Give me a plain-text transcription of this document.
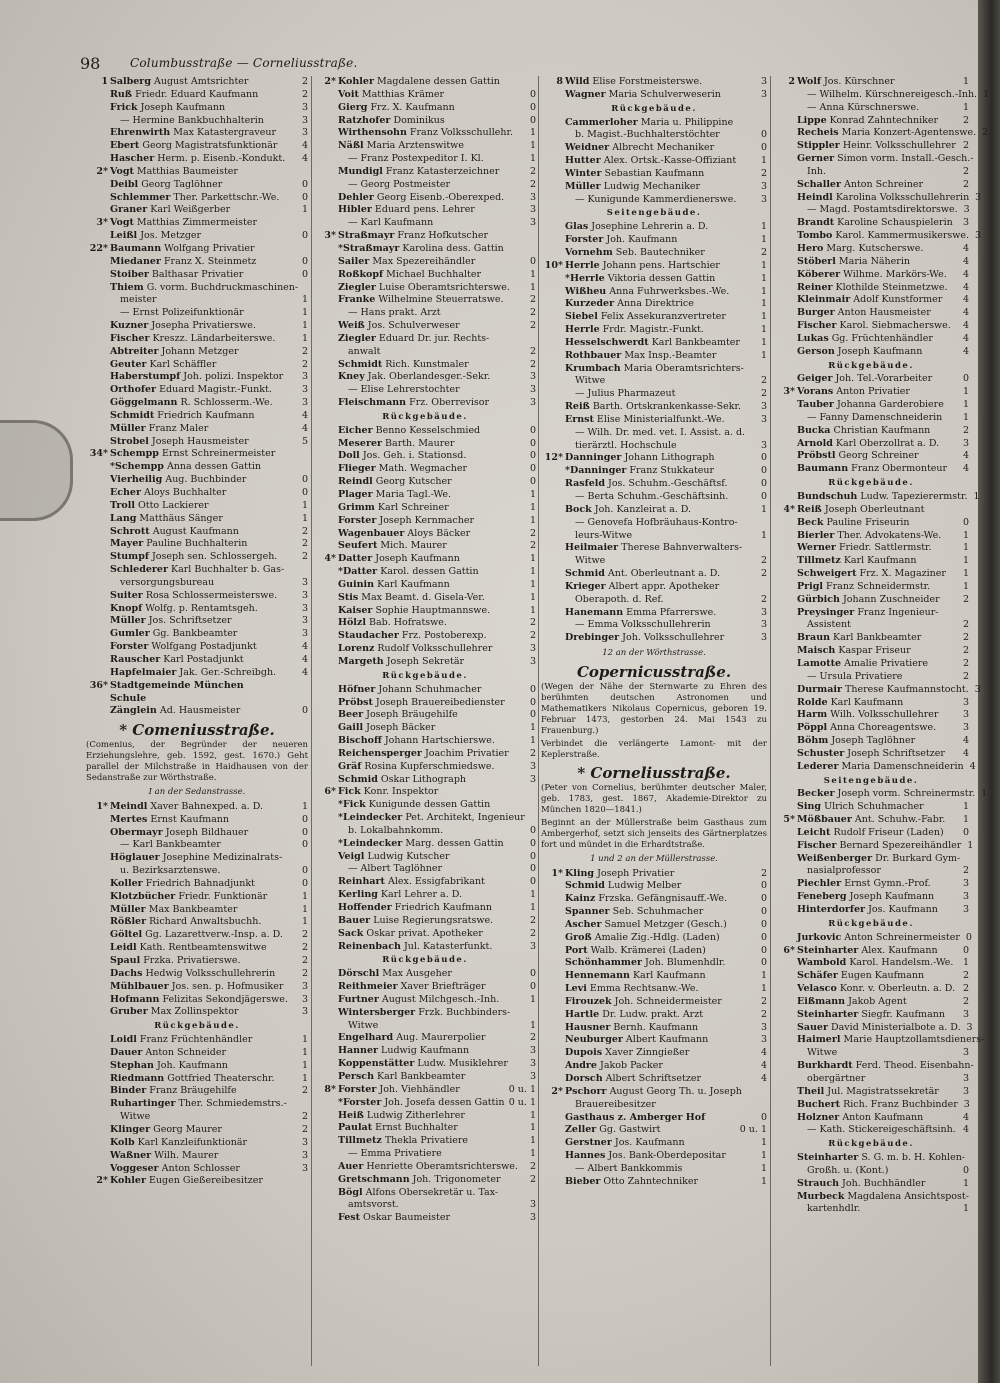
98 Columbusstraße — Corneliusstraße.
1 Salberg August Amtsrichter	2
Ruß Friedr. Eduard Kaufmann	2
Frick Joseph Kaufmann	3
— Hermine Bankbuchhalterin	3
Ehrenwirth Max Katastergraveur	3
Ebert Georg Magistratsfunktionär	4
Hascher Herm. p. Eisenb.-Kondukt.	4
2* Vogt Matthias Baumeister
Deibl Georg Taglöhner	0
Schlemmer Ther. Parkettschr.-We.	0
Graner Karl Weißgerber	1
3* Vogt Matthias Zimmermeister
Leißl Jos. Metzger	0
22* Baumann Wolfgang Privatier
Miedaner Franz X. Steinmetz	0
Stoiber Balthasar Privatier	0
Thiem G. vorm. Buchdruckmaschinen-
meister	1
— Ernst Polizeifunktionär	1
Kuzner Josepha Privatierswe.	1
Fischer Kreszz. Ländarbeiterswe.	1
Abtreiter Johann Metzger	2
Geuter Karl Schäffler	2
Haberstumpf Joh. polizi. Inspektor	3
Orthofer Eduard Magistr.-Funkt.	3
Göggelmann R. Schlosserm.-We.	3
Schmidt Friedrich Kaufmann	4
Müller Franz Maler	4
Strobel Joseph Hausmeister	5
34* Schempp Ernst Schreinermeister
*Schempp Anna dessen Gattin
Vierheilig Aug. Buchbinder	0
Echer Aloys Buchhalter	0
Troll Otto Lackierer	1
Lang Matthäus Sänger	1
Schrott August Kaufmann	2
Mayer Pauline Buchhalterin	2
Stumpf Joseph sen. Schlossergeh.	2
Schlederer Karl Buchhalter b. Gas-
versorgungsbureau	3
Suiter Rosa Schlossermeisterswe.	3
Knopf Wolfg. p. Rentamtsgeh.	3
Müller Jos. Schriftsetzer	3
Gumler Gg. Bankbeamter	3
Forster Wolfgang Postadjunkt	4
Rauscher Karl Postadjunkt	4
Hapfelmaier Jak. Ger.-Schreibgh.	4
36* Stadtgemeinde München
Schule
Zänglein Ad. Hausmeister	0
* Comeniusstraße.
(Comenius, der Begründer der neueren Erziehungslehre, geb. 1592, gest. 1670.) Geht parallel der Milchstraße in Haidhausen von der Sedanstraße zur Wörthstraße.
I an der Sedanstrasse.
1* Meindl Xaver Bahnexped. a. D.	1
Mertes Ernst Kaufmann	0
Obermayr Joseph Bildhauer	0
— Karl Bankbeamter	0
Höglauer Josephine Medizinalrats-
u. Bezirksarztenswe.	0
Koller Friedrich Bahnadjunkt	0
Klotzbücher Friedr. Funktionär	1
Müller Max Bankbeamter	1
Rößler Richard Anwaltsbuchh.	1
Göltel Gg. Lazarettverw.-Insp. a. D.	2
Leidl Kath. Rentbeamtenswitwe	2
Spaul Frzka. Privatierswe.	2
Dachs Hedwig Volksschullehrerin	2
Mühlbauer Jos. sen. p. Hofmusiker	3
Hofmann Felizitas Sekondjägerswe.	3
Gruber Max Zollinspektor	3
Rückgebäude.
Loidl Franz Früchtenhändler	1
Dauer Anton Schneider	1
Stephan Joh. Kaufmann	1
Riedmann Gottfried Theaterschr.	1
Binder Franz Bräugehilfe	2
Ruhartinger Ther. Schmiedemstrs.-
Witwe	2
Klinger Georg Maurer	2
Kolb Karl Kanzleifunktionär	3
Waßner Wilh. Maurer	3
Voggeser Anton Schlosser	3
2* Kohler Eugen Gießereibesitzer
2* Kohler Magdalene dessen Gattin
Voit Matthias Krämer	0
Gierg Frz. X. Kaufmann	0
Ratzhofer Dominikus	0
Wirthensohn Franz Volksschullehr.	1
Näßl Maria Arztenswitwe	1
— Franz Postexpeditor I. Kl.	1
Mundigl Franz Katasterzeichner	2
— Georg Postmeister	2
Dehler Georg Eisenb.-Oberexped.	3
Hibler Eduard pens. Lehrer	3
— Karl Kaufmann	3
3* Straßmayr Franz Hofkutscher
*Straßmayr Karolina dess. Gattin
Sailer Max Spezereihändler	0
Roßkopf Michael Buchhalter	1
Ziegler Luise Oberamtsrichterswe.	1
Franke Wilhelmine Steuerratswe.	2
— Hans prakt. Arzt	2
Weiß Jos. Schulverweser	2
Ziegler Eduard Dr. jur. Rechts-
anwalt	2
Schmidt Rich. Kunstmaler	2
Kney Jak. Oberlandesger.-Sekr.	3
— Elise Lehrerstochter	3
Fleischmann Frz. Oberrevisor	3
Rückgebäude.
Eicher Benno Kesselschmied	0
Meserer Barth. Maurer	0
Doll Jos. Geh. i. Stationsd.	0
Flieger Math. Wegmacher	0
Reindl Georg Kutscher	0
Plager Maria Tagl.-We.	1
Grimm Karl Schreiner	1
Forster Joseph Kernmacher	1
Wagenbauer Aloys Bäcker	2
Seufert Mich. Maurer	2
4* Datter Joseph Kaufmann	1
*Datter Karol. dessen Gattin	1
Guinin Karl Kaufmann	1
Stis Max Beamt. d. Gisela-Ver.	1
Kaiser Sophie Hauptmannswe.	1
Hölzl Bab. Hofratswe.	2
Staudacher Frz. Postoberexp.	2
Lorenz Rudolf Volksschullehrer	3
Margeth Joseph Sekretär	3
Rückgebäude.
Höfner Johann Schuhmacher	0
Pröbst Joseph Brauereibedienster	0
Beer Joseph Bräugehilfe	0
Gaill Joseph Bäcker	1
Bischoff Johann Hartschierswe.	1
Reichensperger Joachim Privatier	2
Gräf Rosina Kupferschmiedswe.	3
Schmid Oskar Lithograph	3
6* Fick Konr. Inspektor
*Fick Kunigunde dessen Gattin
*Leindecker Pet. Architekt, Ingenieur
b. Lokalbahnkomm.	0
*Leindecker Marg. dessen Gattin	0
Veigl Ludwig Kutscher	0
— Albert Taglöhner	0
Reinhart Alex. Essigfabrikant	0
Kerling Karl Lehrer a. D.	1
Hoffender Friedrich Kaufmann	1
Bauer Luise Regierungsratswe.	2
Sack Oskar privat. Apotheker	2
Reinenbach Jul. Katasterfunkt.	3
Rückgebäude.
Dörschl Max Ausgeher	0
Reithmeier Xaver Briefträger	0
Furtner August Milchgesch.-Inh.	1
Wintersberger Frzk. Buchbinders-
Witwe	1
Engelhard Aug. Maurerpolier	2
Hanner Ludwig Kaufmann	3
Koppenstätter Ludw. Musiklehrer	3
Persch Karl Bankbeamter	3
8* Forster Joh. Viehhändler	0 u. 1
*Forster Joh. Josefa dessen Gattin 0 u. 1
Heiß Ludwig Zitherlehrer	1
Paulat Ernst Buchhalter	1
Tillmetz Thekla Privatiere	1
— Emma Privatiere	1
Auer Henriette Oberamtsrichterswe.	2
Gretschmann Joh. Trigonometer	2
Bögl Alfons Obersekretär u. Tax-
amtsvorst.	3
Fest Oskar Baumeister	3
8 Wild Elise Forstmeisterswe.	3
Wagner Maria Schulverweserin	3
Rückgebäude.
Cammerloher Maria u. Philippine
b. Magist.-Buchhalterstöchter	0
Weidner Albrecht Mechaniker	0
Hutter Alex. Ortsk.-Kasse-Offiziant	1
Winter Sebastian Kaufmann	2
Müller Ludwig Mechaniker	3
— Kunigunde Kammerdienerswe.	3
Seitengebäude.
Glas Josephine Lehrerin a. D.	1
Forster Joh. Kaufmann	1
Vornehm Seb. Bautechniker	2
10* Herrle Johann pens. Hartschier	1
*Herrle Viktoria dessen Gattin	1
Wißheu Anna Fuhrwerksbes.-We.	1
Kurzeder Anna Direktrice	1
Siebel Felix Assekuranzvertreter	1
Herrle Frdr. Magistr.-Funkt.	1
Hesselschwerdt Karl Bankbeamter	1
Rothbauer Max Insp.-Beamter	1
Krumbach Maria Oberamtsrichters-
Witwe	2
— Julius Pharmazeut	2
Reiß Barth. Ortskrankenkasse-Sekr.	3
Ernst Elise Ministerialfunkt.-We.	3
— Wilh. Dr. med. vet. I. Assist. a. d.
tierärztl. Hochschule	3
12* Danninger Johann Lithograph	0
*Danninger Franz Stukkateur	0
Rasfeld Jos. Schuhm.-Geschäftsf.	0
— Berta Schuhm.-Geschäftsinh.	0
Bock Joh. Kanzleirat a. D.	1
— Genovefa Hofbräuhaus-Kontro-
leurs-Witwe	1
Heilmaier Therese Bahnverwalters-
Witwe	2
Schmid Ant. Oberleutnant a. D.	2
Krieger Albert appr. Apotheker
Oberapoth. d. Ref.	2
Hanemann Emma Pfarrerswe.	3
— Emma Volksschullehrerin	3
Drebinger Joh. Volksschullehrer	3
12 an der Wörthstrasse.
Copernicusstraße.
(Wegen der Nähe der Sternwarte zu Ehren des berühmten deutschen Astronomen und Mathematikers Nikolaus Copernicus, geboren 19. Februar 1473, gestorben 24. Mai 1543 zu Frauenburg.)
Verbindet die verlängerte Lamont- mit der Keplerstraße.
* Corneliusstraße.
(Peter von Cornelius, berühmter deutscher Maler, geb. 1783, gest. 1867, Akademie-Direktor zu München 1820—1841.)
Beginnt an der Müllerstraße beim Gasthaus zum Ambergerhof, setzt sich jenseits des Gärtnerplatzes fort und mündet in die Erhardtstraße.
1 und 2 an der Müllerstrasse.
1* Kling Joseph Privatier	2
Schmid Ludwig Melber	0
Kainz Frzska. Gefängnisauff.-We.	0
Spanner Seb. Schuhmacher	0
Ascher Samuel Metzger (Gesch.)	0
Groß Amalie Zig.-Hdlg. (Laden)	0
Port Walb. Krämerei (Laden)	0
Schönhammer Joh. Blumenhdlr.	0
Hennemann Karl Kaufmann	1
Levi Emma Rechtsanw.-We.	1
Firouzek Joh. Schneidermeister	2
Hartle Dr. Ludw. prakt. Arzt	2
Hausner Bernh. Kaufmann	3
Neuburger Albert Kaufmann	3
Dupois Xaver Zinngießer	4
Andre Jakob Packer	4
Dorsch Albert Schriftsetzer	4
2* Pschorr August Georg Th. u. Joseph
Brauereibesitzer
Gasthaus z. Amberger Hof	0
Zeller Gg. Gastwirt	0 u. 1
Gerstner Jos. Kaufmann	1
Hannes Jos. Bank-Oberdepositar	1
— Albert Bankkommis	1
Bieber Otto Zahntechniker	1
2 Wolf Jos. Kürschner	1
— Wilhelm. Kürschnereigesch.-Inh. 1
— Anna Kürschnerswe.	1
Lippe Konrad Zahntechniker	2
Recheis Maria Konzert-Agentenswe. 2
Stippler Heinr. Volksschullehrer 2
Gerner Simon vorm. Install.-Gesch.-
Inh.	2
Schaller Anton Schreiner	2
Heindl Karolina Volksschullehrerin 3
— Magd. Postamtsdirektorswe. 3
Brandt Karoline Schauspielerin	3
Tombo Karol. Kammermusikerswe. 3
Hero Marg. Kutscherswe.	4
Stöberl Maria Näherin	4
Köberer Wilhme. Markörs-We.	4
Reiner Klothilde Steinmetzwe.	4
Kleinmair Adolf Kunstformer	4
Burger Anton Hausmeister	4
Fischer Karol. Siebmacherswe.	4
Lukas Gg. Früchtenhändler	4
Gerson Joseph Kaufmann	4
Rückgebäude.
Geiger Joh. Tel.-Vorarbeiter	0
3* Vorans Anton Privatier	1
Tauber Johanna Garderobiere	1
— Fanny Damenschneiderin	1
Bucka Christian Kaufmann	2
Arnold Karl Oberzollrat a. D.	3
Pröbstl Georg Schreiner	4
Baumann Franz Obermonteur	4
Rückgebäude.
Bundschuh Ludw. Tapezierermstr. 1
4* Reiß Joseph Oberleutnant
Beck Pauline Friseurin	0
Bierler Ther. Advokatens-We.	1
Werner Friedr. Sattlermstr.	1
Tillmetz Karl Kaufmann	1
Schweigert Frz. X. Magaziner	1
Prigl Franz Schneidermstr.	1
Gürbich Johann Zuschneider	2
Preysinger Franz Ingenieur-
Assistent	2
Braun Karl Bankbeamter	2
Maisch Kaspar Friseur	2
Lamotte Amalie Privatiere	2
— Ursula Privatiere	2
Durmair Therese Kaufmannstocht. 3
Rolde Karl Kaufmann	3
Harm Wilh. Volksschullehrer	3
Pöppl Anna Choreagentswe.	3
Böhm Joseph Taglöhner	4
Schuster Joseph Schriftsetzer	4
Lederer Maria Damenschneiderin 4
Seitengebäude.
Becker Joseph vorm. Schreinermstr. 1
Sing Ulrich Schuhmacher	1
5* Mößbauer Ant. Schuhw.-Fabr.	1
Leicht Rudolf Friseur (Laden)	0
Fischer Bernard Spezereihändler 1
Weißenberger Dr. Burkard Gym-
nasialprofessor	2
Piechler Ernst Gymn.-Prof.	3
Feneberg Joseph Kaufmann	3
Hinterdorfer Jos. Kaufmann	3
Rückgebäude.
Jurkovic Anton Schreinermeister 0
6* Steinharter Alex. Kaufmann	0
Wambold Karol. Handelsm.-We.	1
Schäfer Eugen Kaufmann	2
Velasco Konr. v. Oberleutn. a. D. 2
Eißmann Jakob Agent	2
Steinharter Siegfr. Kaufmann	3
Sauer David Ministerialbote a. D. 3
Haimerl Marie Hauptzollamtsdieners-
Witwe	3
Burkhardt Ferd. Theod. Eisenbahn-
obergärtner	3
Theil Jul. Magistratssekretär	3
Buchert Rich. Franz Buchbinder 3
Holzner Anton Kaufmann	4
— Kath. Stickereigeschäftsinh. 4
Rückgebäude.
Steinharter S. G. m. b. H. Kohlen-
Großh. u. (Kont.)	0
Strauch Joh. Buchhändler	1
Murbeck Magdalena Ansichtspost-
kartenhdlr.	1
